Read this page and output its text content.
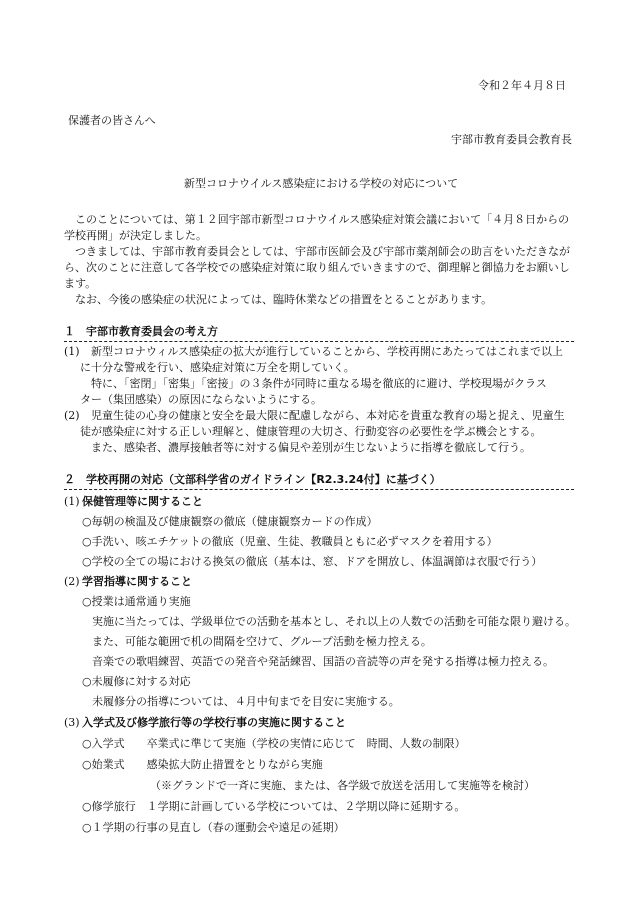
令和２年４月８日
保護者の皆さんへ
宇部市教育委員会教育長
新型コロナウイルス感染症における学校の対応について
　このことについては、第１２回宇部市新型コロナウイルス感染症対策会議において「４月８日からの
学校再開」が決定しました。
　つきましては、宇部市教育委員会としては、宇部市医師会及び宇部市薬剤師会の助言をいただきなが
ら、次のことに注意して各学校での感染症対策に取り組んでいきますので、御理解と御協力をお願いし
ます。
　なお、今後の感染症の状況によっては、臨時休業などの措置をとることがあります。
１　宇部市教育委員会の考え方
(1) 　新型コロナウィルス感染症の拡大が進行していることから、学校再開にあたってはこれまで以上
に十分な警戒を行い、感染症対策に万全を期していく。
　特に、「密閉」「密集」「密接」の３条件が同時に重なる場を徹底的に避け、学校現場がクラス
ター（集団感染）の原因にならないようにする。
(2) 　児童生徒の心身の健康と安全を最大限に配慮しながら、本対応を貴重な教育の場と捉え、児童生
徒が感染症に対する正しい理解と、健康管理の大切さ、行動変容の必要性を学ぶ機会とする。
　また、感染者、濃厚接触者等に対する偏見や差別が生じないように指導を徹底して行う。
２　学校再開の対応（文部科学省のガイドライン【R2.3.24付】に基づく）
(1) 保健管理等に関すること
○毎朝の検温及び健康観察の徹底（健康観察カードの作成）
○手洗い、咳エチケットの徹底（児童、生徒、教職員ともに必ずマスクを着用する）
○学校の全ての場における換気の徹底（基本は、窓、ドアを開放し、体温調節は衣服で行う）
(2) 学習指導に関すること
○授業は通常通り実施
実施に当たっては、学級単位での活動を基本とし、それ以上の人数での活動を可能な限り避ける。
また、可能な範囲で机の間隔を空けて、グループ活動を極力控える。
音楽での歌唱練習、英語での発音や発話練習、国語の音読等の声を発する指導は極力控える。
○未履修に対する対応
未履修分の指導については、４月中旬までを目安に実施する。
(3) 入学式及び修学旅行等の学校行事の実施に関すること
○入学式　　卒業式に準じて実施（学校の実情に応じて　時間、人数の制限）
○始業式　　感染拡大防止措置をとりながら実施
（※グランドで一斉に実施、または、各学級で放送を活用して実施等を検討）
○修学旅行　１学期に計画している学校については、２学期以降に延期する。
○１学期の行事の見直し（春の運動会や遠足の延期）
